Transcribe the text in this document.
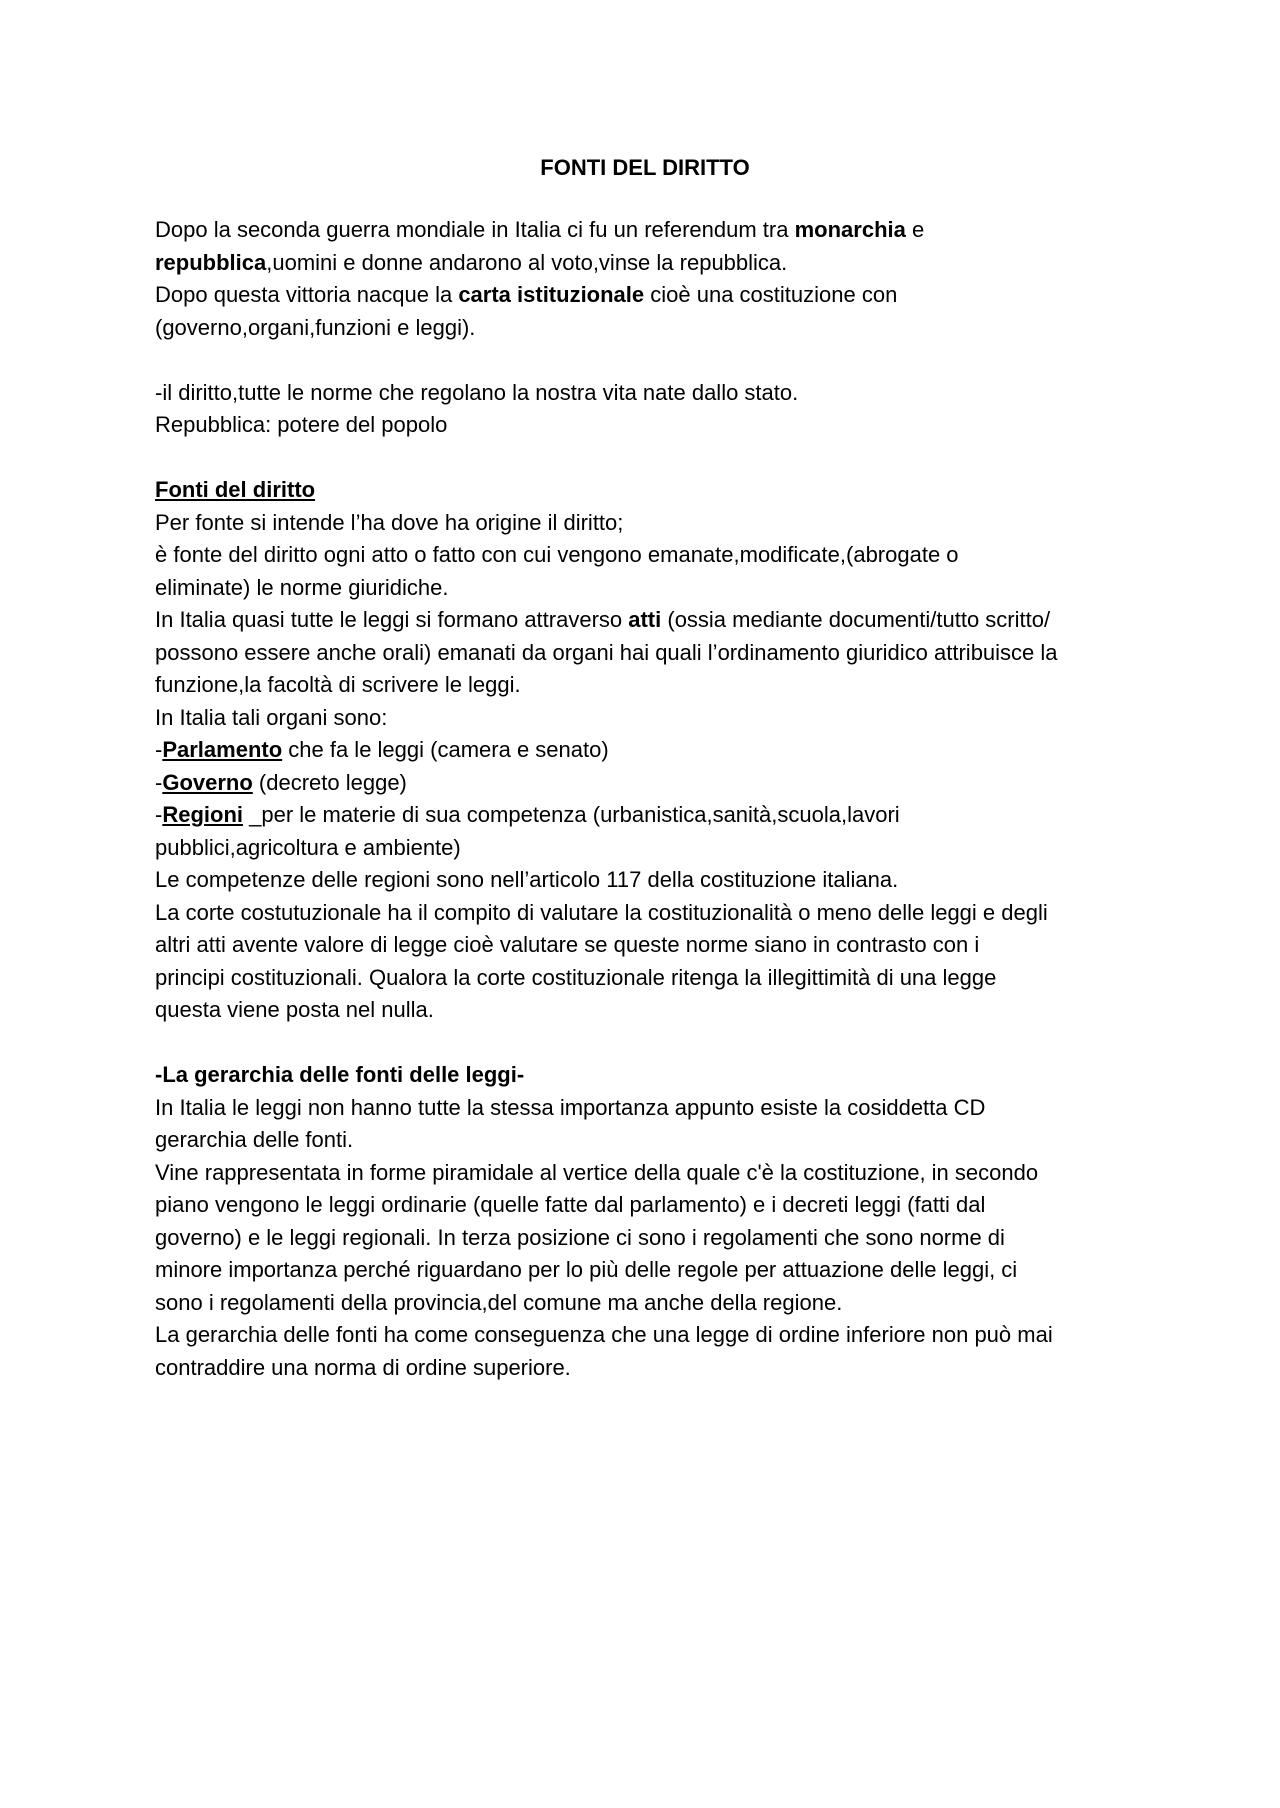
FONTI DEL DIRITTO

Dopo la seconda guerra mondiale in Italia ci fu un referendum tra monarchia e

repubblica,uomini e donne andarono al voto,vinse la repubblica.

Dopo questa vittoria nacque la carta istituzionale cioè una costituzione con

(governo,organi,funzioni e leggi).

-il diritto,tutte le norme che regolano la nostra vita nate dallo stato.

Repubblica: potere del popolo

Fonti del diritto

Per fonte si intende l’ha dove ha origine il diritto;

è fonte del diritto ogni atto o fatto con cui vengono emanate,modificate,(abrogate o

eliminate) le norme giuridiche.

In Italia quasi tutte le leggi si formano attraverso atti (ossia mediante documenti/tutto scritto/

possono essere anche orali) emanati da organi hai quali l’ordinamento giuridico attribuisce la

funzione,la facoltà di scrivere le leggi.

In Italia tali organi sono:

-Parlamento che fa le leggi (camera e senato)

-Governo (decreto legge)

-Regioni _per le materie di sua competenza (urbanistica,sanità,scuola,lavori

pubblici,agricoltura e ambiente)

Le competenze delle regioni sono nell’articolo 117 della costituzione italiana.

La corte costutuzionale ha il compito di valutare la costituzionalità o meno delle leggi e degli

altri atti avente valore di legge cioè valutare se queste norme siano in contrasto con i

principi costituzionali. Qualora la corte costituzionale ritenga la illegittimità di una legge

questa viene posta nel nulla.

-La gerarchia delle fonti delle leggi-

In Italia le leggi non hanno tutte la stessa importanza appunto esiste la cosiddetta CD

gerarchia delle fonti.

Vine rappresentata in forme piramidale al vertice della quale c'è la costituzione, in secondo

piano vengono le leggi ordinarie (quelle fatte dal parlamento) e i decreti leggi (fatti dal

governo) e le leggi regionali. In terza posizione ci sono i regolamenti che sono norme di

minore importanza perché riguardano per lo più delle regole per attuazione delle leggi, ci

sono i regolamenti della provincia,del comune ma anche della regione.

La gerarchia delle fonti ha come conseguenza che una legge di ordine inferiore non può mai

contraddire una norma di ordine superiore.
